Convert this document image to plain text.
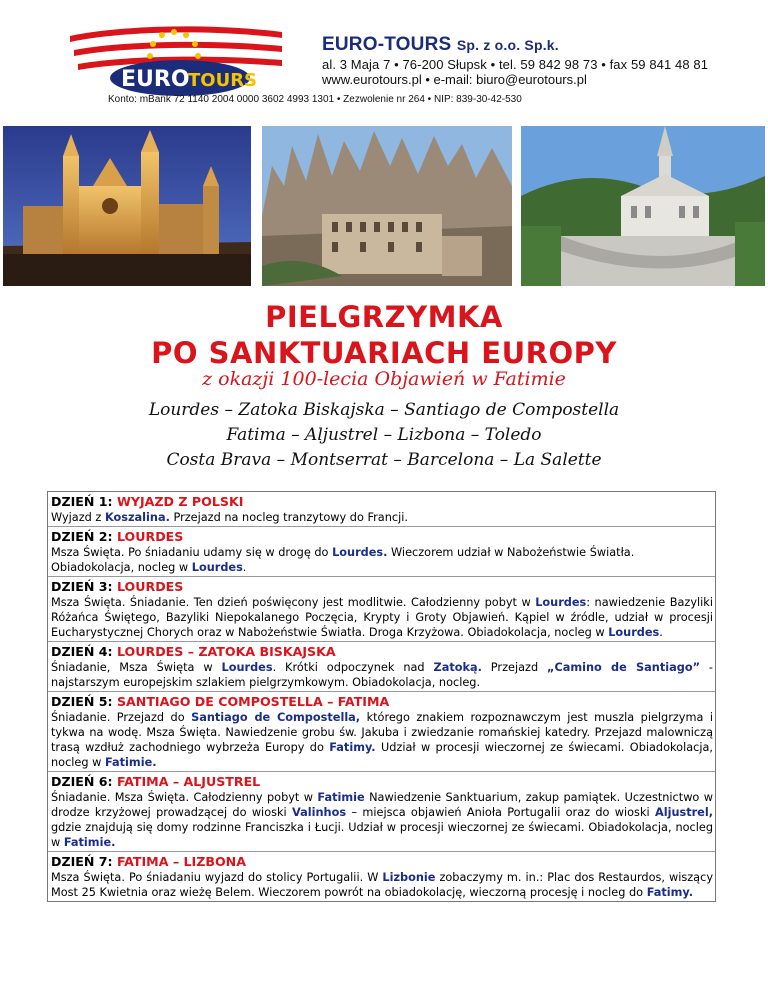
EURO
TOURS
EURO-TOURS Sp. z o.o. Sp.k.
al. 3 Maja 7 • 76-200 Słupsk • tel. 59 842 98 73 • fax 59 841 48 81
www.eurotours.pl • e-mail: biuro@eurotours.pl
Konto: mBank 72 1140 2004 0000 3602 4993 1301 • Zezwolenie nr 264 • NIP: 839-30-42-530
PIELGRZYMKA
PO SANKTUARIACH EUROPY
z okazji 100-lecia Objawień w Fatimie
Lourdes – Zatoka Biskajska – Santiago de Compostella
Fatima – Aljustrel – Lizbona – Toledo
Costa Brava – Montserrat – Barcelona – La Salette
DZIEŃ 1: WYJAZD Z POLSKI
Wyjazd z Koszalina. Przejazd na nocleg tranzytowy do Francji.
DZIEŃ 2: LOURDES
Msza Święta. Po śniadaniu udamy się w drogę do Lourdes. Wieczorem udział w Nabożeństwie Światła. Obiadokolacja, nocleg w Lourdes.
DZIEŃ 3: LOURDES
Msza Święta. Śniadanie. Ten dzień poświęcony jest modlitwie. Całodzienny pobyt w Lourdes: nawiedzenie Bazyliki Różańca Świętego, Bazyliki Niepokalanego Poczęcia, Krypty i Groty Objawień. Kąpiel w źródle, udział w procesji Eucharystycznej Chorych oraz w Nabożeństwie Światła. Droga Krzyżowa. Obiadokolacja, nocleg w Lourdes.
DZIEŃ 4: LOURDES – ZATOKA BISKAJSKA
Śniadanie, Msza Święta w Lourdes. Krótki odpoczynek nad Zatoką. Przejazd „Camino de Santiago” - najstarszym europejskim szlakiem pielgrzymkowym. Obiadokolacja, nocleg.
DZIEŃ 5: SANTIAGO DE COMPOSTELLA – FATIMA
Śniadanie. Przejazd do Santiago de Compostella, którego znakiem rozpoznawczym jest muszla pielgrzyma i tykwa na wodę. Msza Święta. Nawiedzenie grobu św. Jakuba i zwiedzanie romańskiej katedry. Przejazd malowniczą trasą wzdłuż zachodniego wybrzeża Europy do Fatimy. Udział w procesji wieczornej ze świecami. Obiadokolacja, nocleg w Fatimie.
DZIEŃ 6: FATIMA – ALJUSTREL
Śniadanie. Msza Święta. Całodzienny pobyt w Fatimie Nawiedzenie Sanktuarium, zakup pamiątek. Uczestnictwo w drodze krzyżowej prowadzącej do wioski Valinhos – miejsca objawień Anioła Portugalii oraz do wioski Aljustrel, gdzie znajdują się domy rodzinne Franciszka i Łucji. Udział w procesji wieczornej ze świecami. Obiadokolacja, nocleg w Fatimie.
DZIEŃ 7: FATIMA – LIZBONA
Msza Święta. Po śniadaniu wyjazd do stolicy Portugalii. W Lizbonie zobaczymy m. in.: Plac dos Restaurdos, wiszący Most 25 Kwietnia oraz wieżę Belem. Wieczorem powrót na obiadokolację, wieczorną procesję i nocleg do Fatimy.
